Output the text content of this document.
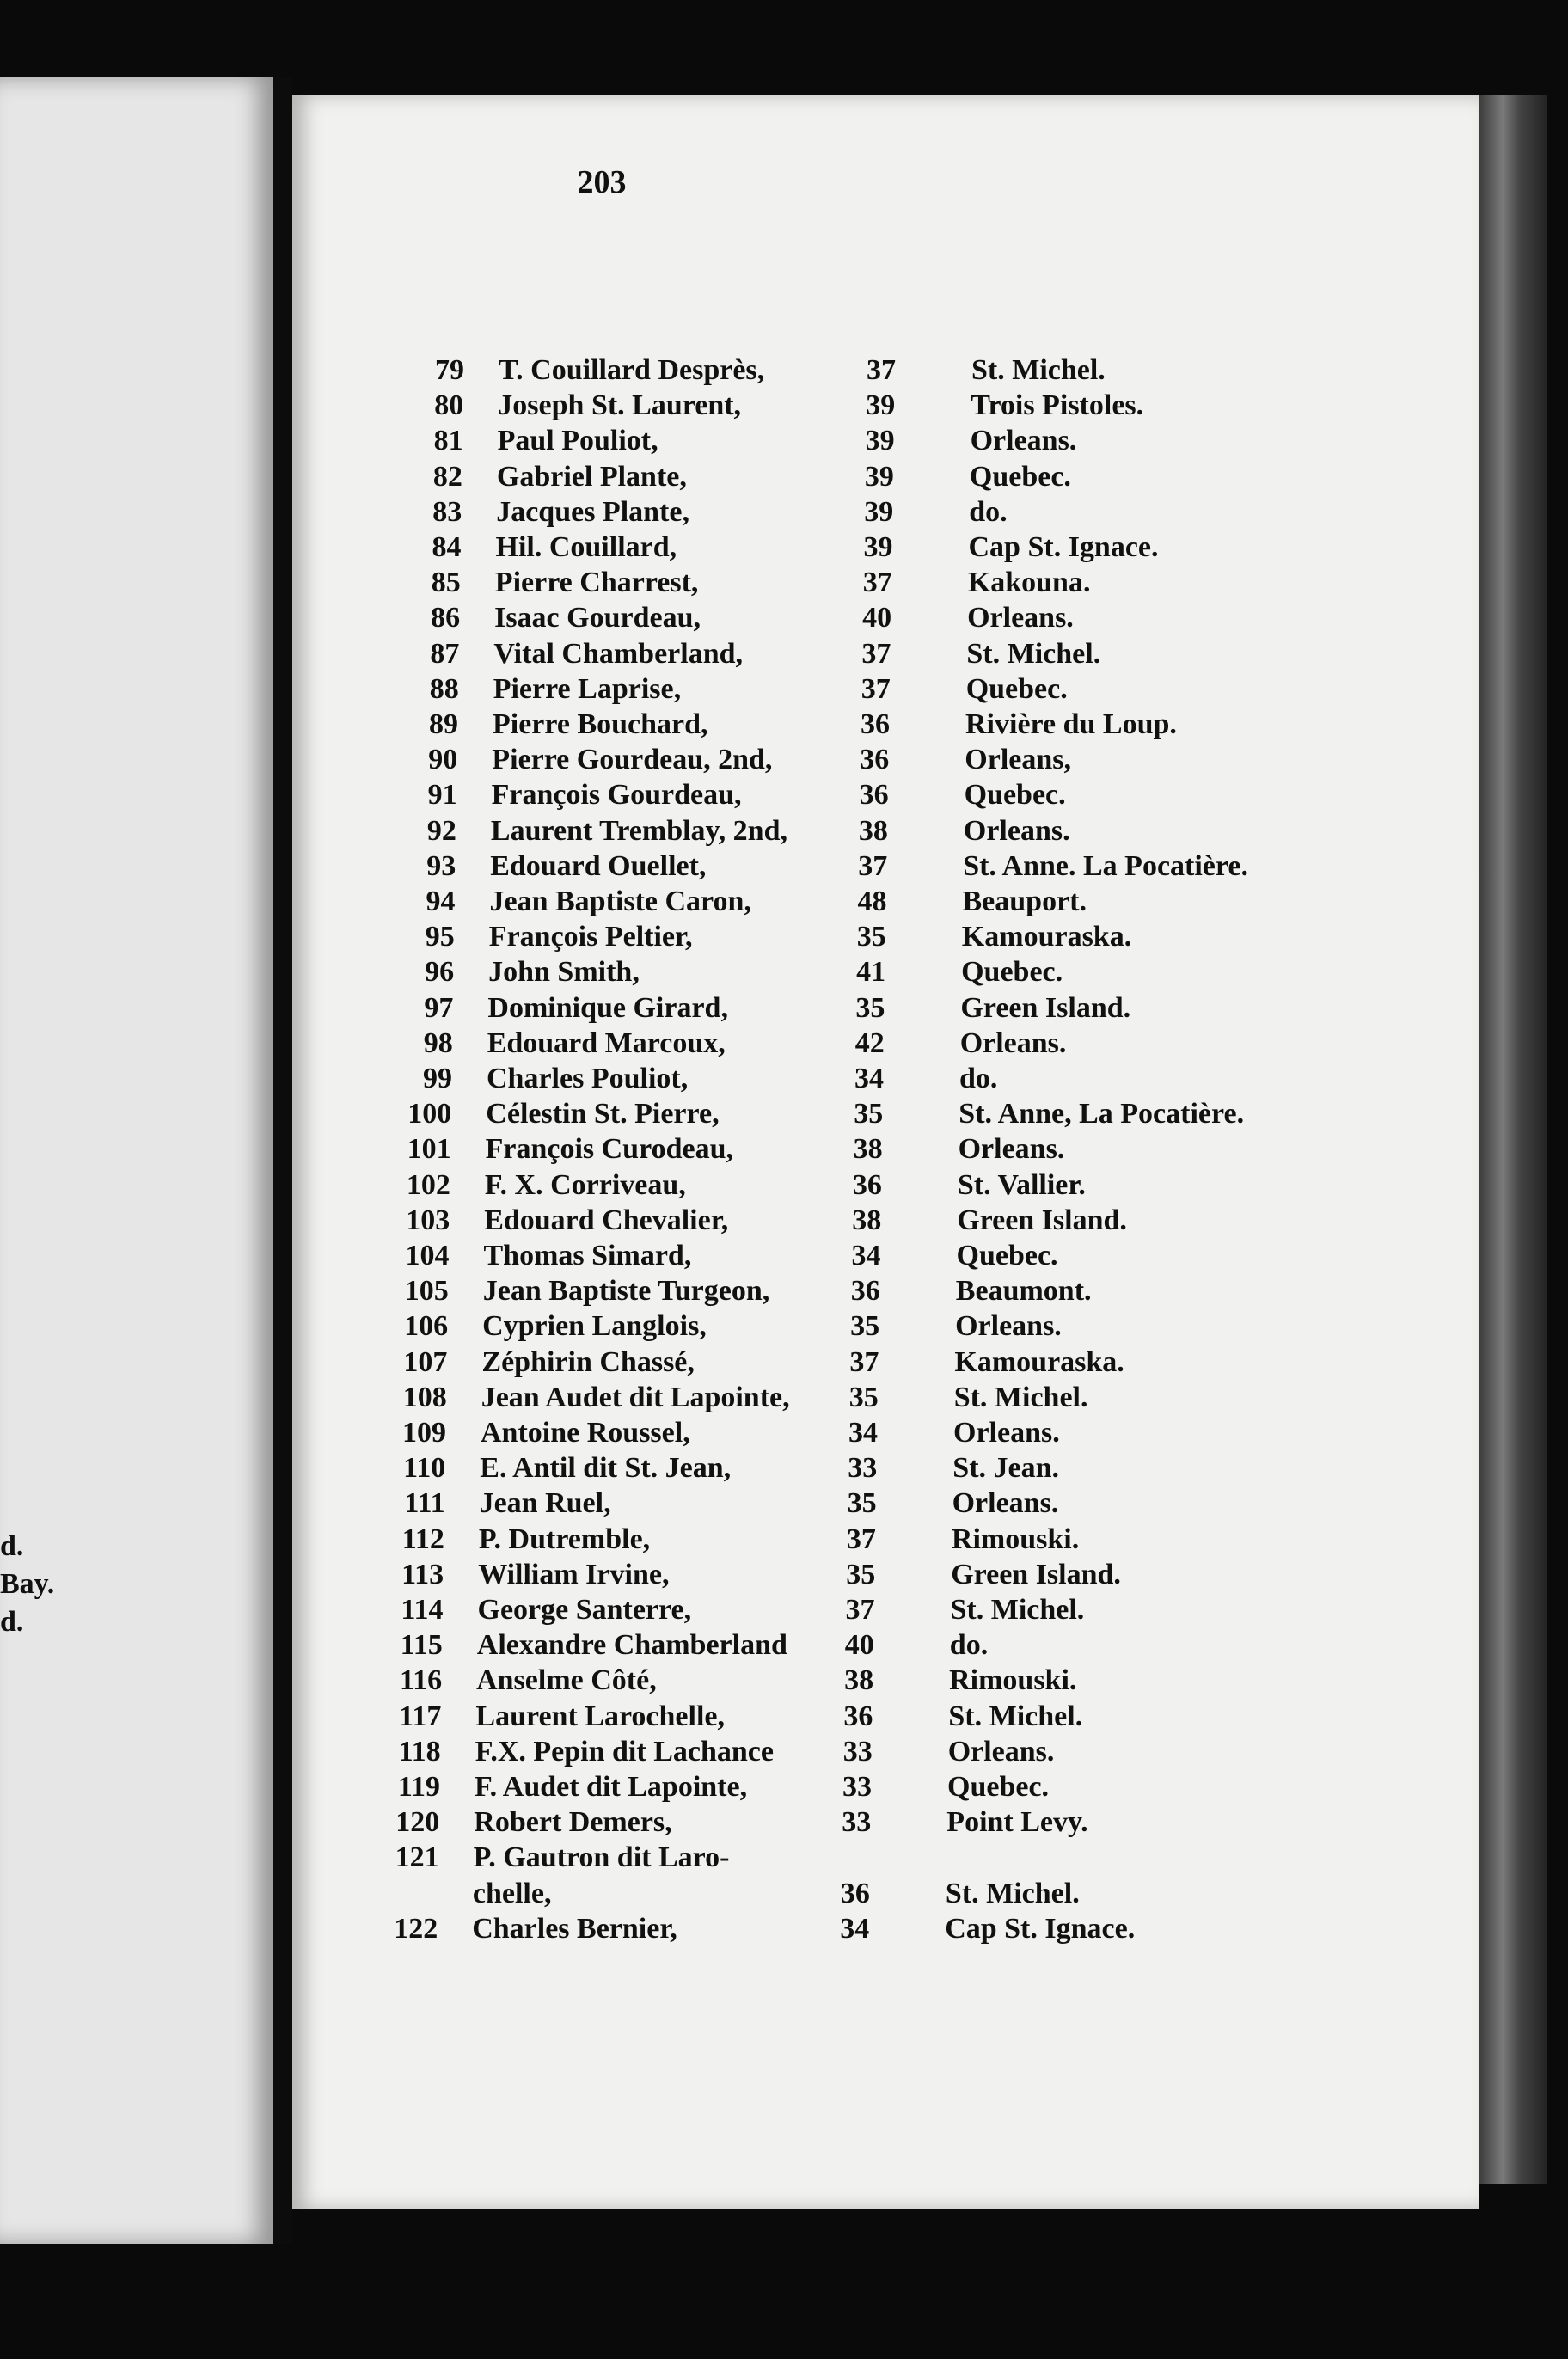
d.
Bay.
d.
79 T. Couillard Desprès,	37	St. Michel.
80 Joseph St. Laurent,	39	Trois Pistoles.
81 Paul Pouliot,	39	Orleans.
82 Gabriel Plante,	39	Quebec.
83 Jacques Plante,	39	do.
84 Hil. Couillard,	39	Cap St. Ignace.
85 Pierre Charrest,	37	Kakouna.
86 Isaac Gourdeau,	40	Orleans.
87 Vital Chamberland,	37	St. Michel.
88 Pierre Laprise,	37	Quebec.
89 Pierre Bouchard,	36	Rivière du Loup.
90 Pierre Gourdeau, 2nd,	36	Orleans,
91 François Gourdeau,	36	Quebec.
92 Laurent Tremblay, 2nd, 38	Orleans.
93 Edouard Ouellet,	37	St. Anne. La Pocatière.
94 Jean Baptiste Caron,	48	Beauport.
95 François Peltier,	35	Kamouraska.
96 John Smith,	41	Quebec.
97 Dominique Girard,	35	Green Island.
98 Edouard Marcoux,	42	Orleans.
99 Charles Pouliot,	34	do.
100 Célestin St. Pierre,	35	St. Anne, La Pocatière.
101 François Curodeau,	38	Orleans.
102 F. X. Corriveau,	36	St. Vallier.
103 Edouard Chevalier,	38	Green Island.
104 Thomas Simard,	34	Quebec.
105 Jean Baptiste Turgeon,	36	Beaumont.
106 Cyprien Langlois,	35	Orleans.
107 Zéphirin Chassé,	37	Kamouraska.
108 Jean Audet dit Lapointe, 35	St. Michel.
109 Antoine Roussel,	34	Orleans.
110 E. Antil dit St. Jean,	33	St. Jean.
111 Jean Ruel,	35	Orleans.
112 P. Dutremble,	37	Rimouski.
113 William Irvine,	35	Green Island.
114 George Santerre,	37	St. Michel.
115 Alexandre Chamberland 40	do.
116 Anselme Côté,	38	Rimouski.
117 Laurent Larochelle,	36	St. Michel.
118 F.X. Pepin dit Lachance 33	Orleans.
119 F. Audet dit Lapointe,	33	Quebec.
120 Robert Demers,	33	Point Levy.
121 P. Gautron dit Laro-
chelle,	36	St. Michel.
122 Charles Bernier,	34	Cap St. Ignace.
203
